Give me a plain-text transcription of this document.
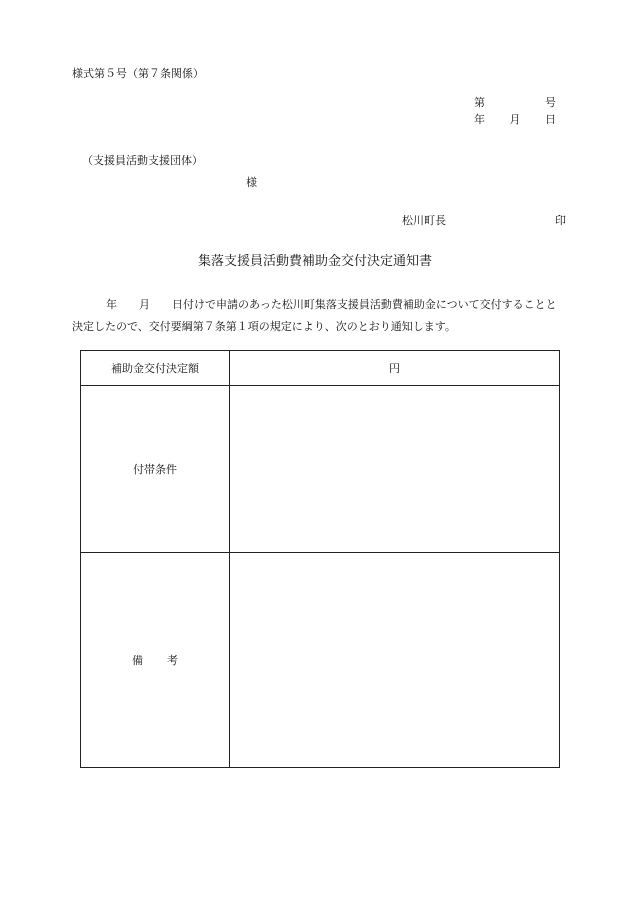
様式第５号（第７条関係）
第	号
年 月 日
（支援員活動支援団体）
様
松川町長	印
集落支援員活動費補助金交付決定通知書
年 月 日付けで申請のあった松川町集落支援員活動費補助金について交付することと決定したので、交付要綱第７条第１項の規定により、次のとおり通知します。
補助金交付決定額	円
付帯条件	

備 考	
